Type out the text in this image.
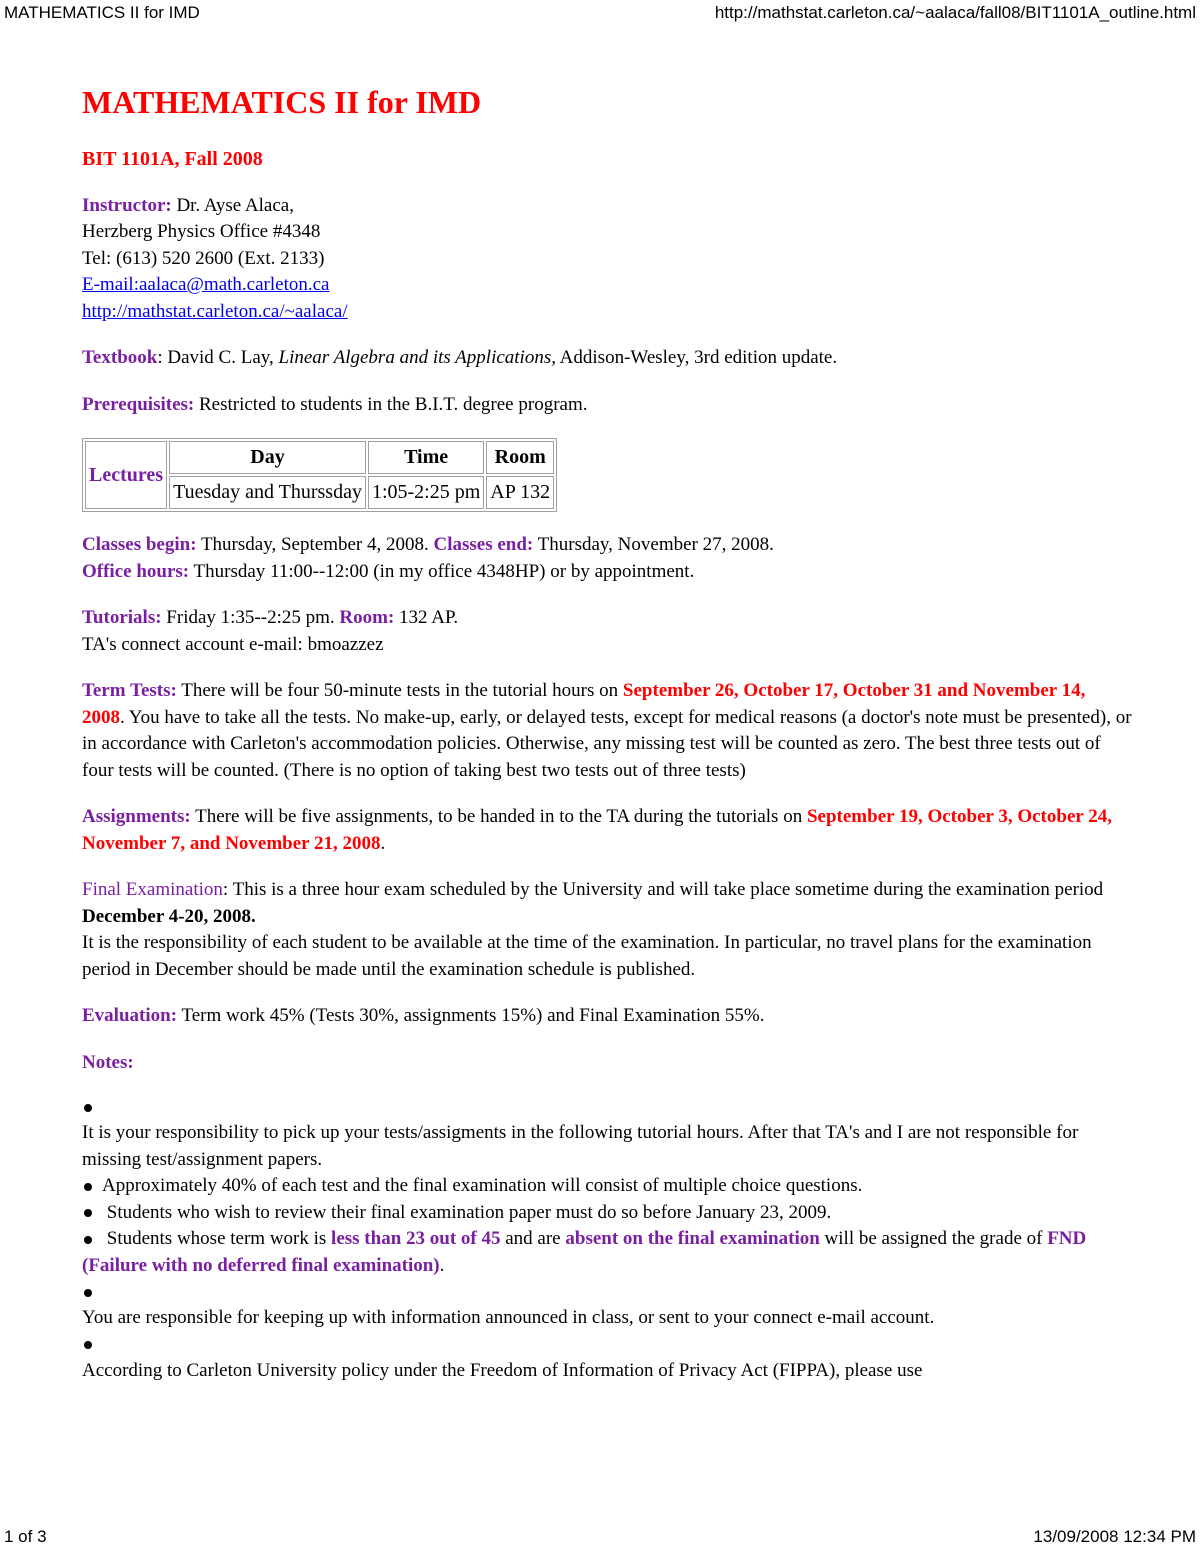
MATHEMATICS II for IMD	http://mathstat.carleton.ca/~aalaca/fall08/BIT1101A_outline.html
MATHEMATICS II for IMD
BIT 1101A, Fall 2008
Instructor: Dr. Ayse Alaca,
Herzberg Physics Office #4348
Tel: (613) 520 2600 (Ext. 2133)
E-mail:aalaca@math.carleton.ca
http://mathstat.carleton.ca/~aalaca/
Textbook: David C. Lay, Linear Algebra and its Applications, Addison-Wesley, 3rd edition update.
Prerequisites: Restricted to students in the B.I.T. degree program.
Lectures	Day	Time	Room
	Tuesday and Thurssday	1:05-2:25 pm	AP 132
Classes begin: Thursday, September 4, 2008. Classes end: Thursday, November 27, 2008.
Office hours: Thursday 11:00--12:00 (in my office 4348HP) or by appointment.
Tutorials: Friday 1:35--2:25 pm. Room: 132 AP.
TA's connect account e-mail: bmoazzez
Term Tests: There will be four 50-minute tests in the tutorial hours on September 26, October 17, October 31 and November 14, 2008. You have to take all the tests. No make-up, early, or delayed tests, except for medical reasons (a doctor's note must be presented), or in accordance with Carleton's accommodation policies. Otherwise, any missing test will be counted as zero. The best three tests out of four tests will be counted. (There is no option of taking best two tests out of three tests)
Assignments: There will be five assignments, to be handed in to the TA during the tutorials on September 19, October 3, October 24, November 7, and November 21, 2008.
Final Examination: This is a three hour exam scheduled by the University and will take place sometime during the examination period December 4-20, 2008.
It is the responsibility of each student to be available at the time of the examination. In particular, no travel plans for the examination period in December should be made until the examination schedule is published.
Evaluation: Term work 45% (Tests 30%, assignments 15%) and Final Examination 55%.
Notes:
It is your responsibility to pick up your tests/assigments in the following tutorial hours. After that TA's and I are not responsible for missing test/assignment papers.
Approximately 40% of each test and the final examination will consist of multiple choice questions.
Students who wish to review their final examination paper must do so before January 23, 2009.
Students whose term work is less than 23 out of 45 and are absent on the final examination will be assigned the grade of FND (Failure with no deferred final examination).
You are responsible for keeping up with information announced in class, or sent to your connect e-mail account.
According to Carleton University policy under the Freedom of Information of Privacy Act (FIPPA), please use
1 of 3	13/09/2008 12:34 PM
